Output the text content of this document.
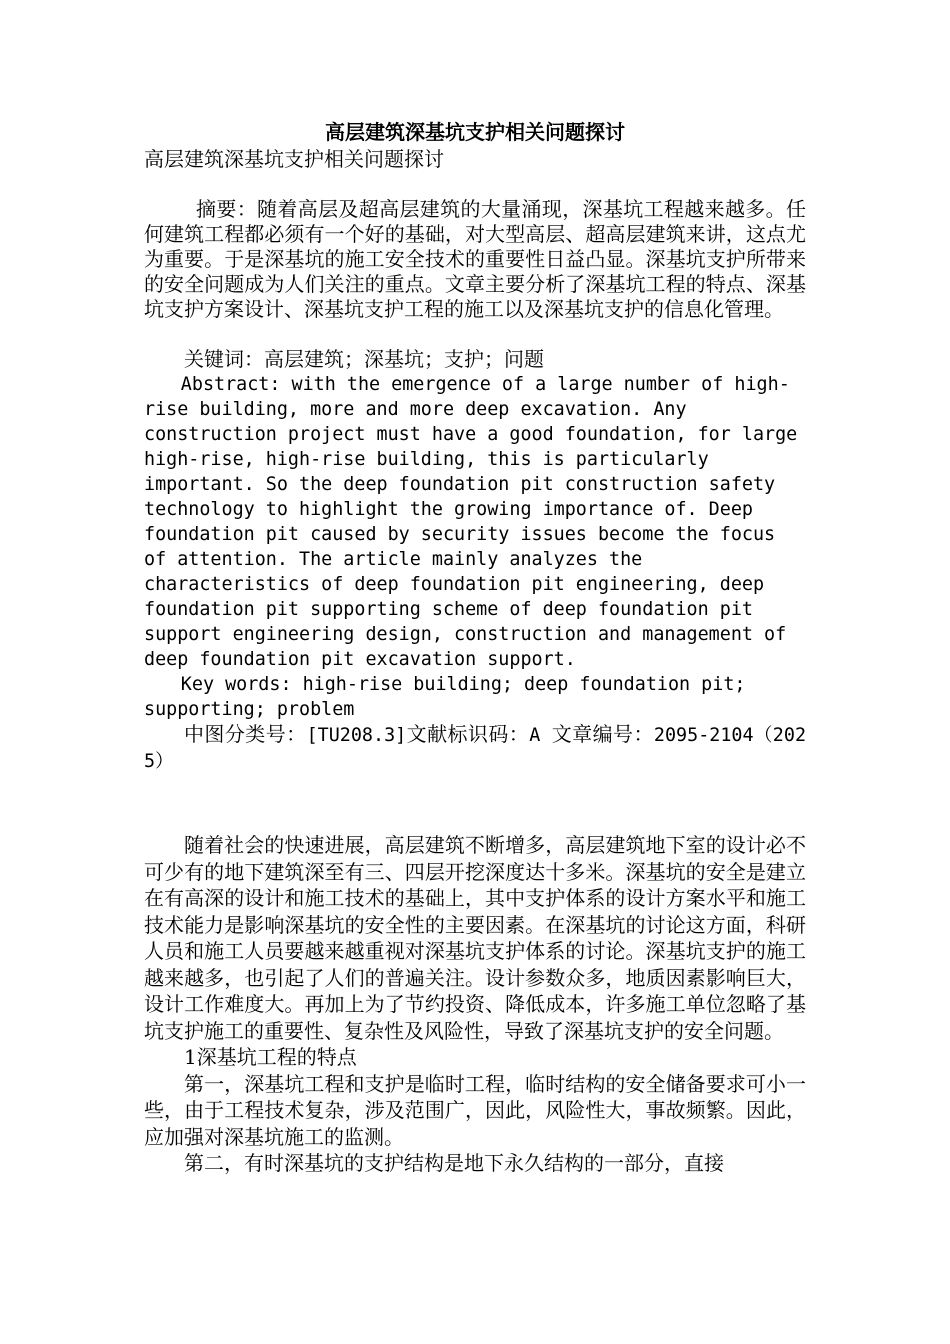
高层建筑深基坑支护相关问题探讨

高层建筑深基坑支护相关问题探讨

摘要：随着高层及超高层建筑的大量涌现，深基坑工程越来越多。任何建筑工程都必须有一个好的基础，对大型高层、超高层建筑来讲，这点尤为重要。于是深基坑的施工安全技术的重要性日益凸显。深基坑支护所带来的安全问题成为人们关注的重点。文章主要分析了深基坑工程的特点、深基坑支护方案设计、深基坑支护工程的施工以及深基坑支护的信息化管理。

关键词：高层建筑；深基坑；支护；问题

Abstract: with the emergence of a large number of high-rise building, more and more deep excavation. Any construction project must have a good foundation, for large high-rise, high-rise building, this is particularly important. So the deep foundation pit construction safety technology to highlight the growing importance of. Deep foundation pit caused by security issues become the focus of attention. The article mainly analyzes the characteristics of deep foundation pit engineering, deep foundation pit supporting scheme of deep foundation pit support engineering design, construction and management of deep foundation pit excavation support.

Key words: high-rise building; deep foundation pit; supporting; problem

中图分类号：[TU208.3]文献标识码：A 文章编号：2095-2104（2025）

随着社会的快速进展，高层建筑不断增多，高层建筑地下室的设计必不可少有的地下建筑深至有三、四层开挖深度达十多米。深基坑的安全是建立在有高深的设计和施工技术的基础上，其中支护体系的设计方案水平和施工技术能力是影响深基坑的安全性的主要因素。在深基坑的讨论这方面，科研人员和施工人员要越来越重视对深基坑支护体系的讨论。深基坑支护的施工越来越多，也引起了人们的普遍关注。设计参数众多，地质因素影响巨大，设计工作难度大。再加上为了节约投资、降低成本，许多施工单位忽略了基坑支护施工的重要性、复杂性及风险性，导致了深基坑支护的安全问题。

1深基坑工程的特点

第一，深基坑工程和支护是临时工程，临时结构的安全储备要求可小一些，由于工程技术复杂，涉及范围广，因此，风险性大，事故频繁。因此，应加强对深基坑施工的监测。

第二，有时深基坑的支护结构是地下永久结构的一部分，直接
